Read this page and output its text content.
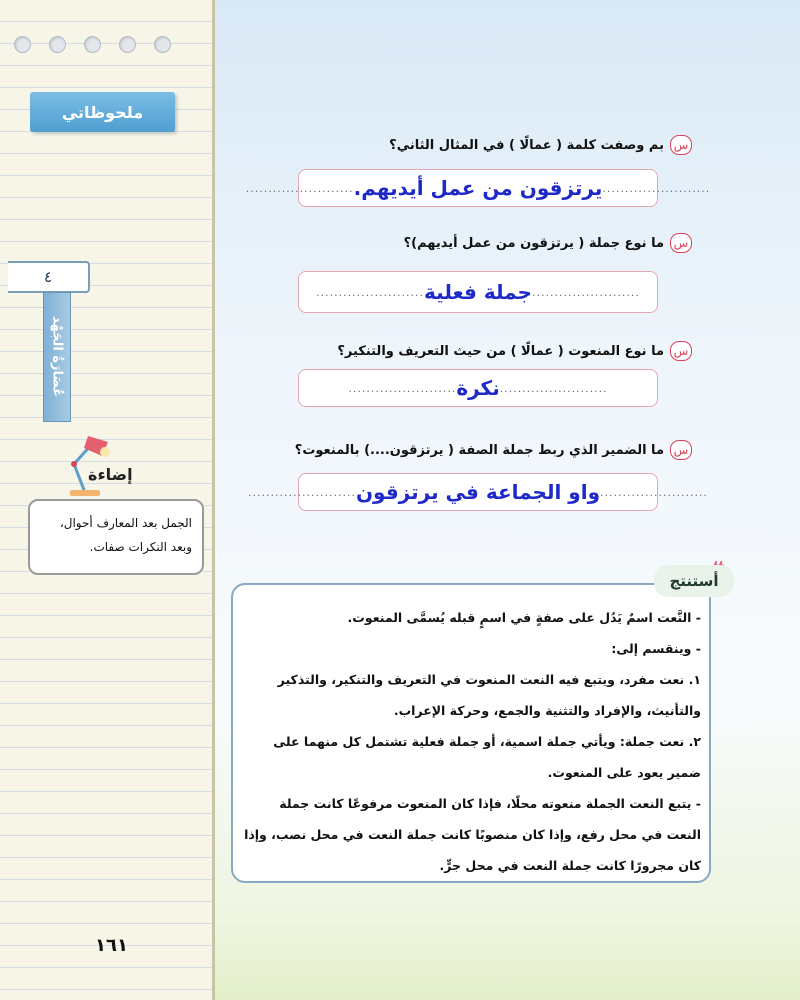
ملحوظاتي
٤
عُصَارَةُ الجَهْد
إضاءة
الجمل بعد المعارف أحوال، وبعد النكرات صفات.
١٦١
س
بم وصفت كلمة ( عمالًا ) في المثال الثاني؟
........................
يرتزقون من عمل أيديهم.
........................
س
ما نوع جملة ( يرتزقون من عمل أيديهم)؟
........................
جملة فعلية
........................
س
ما نوع المنعوت ( عمالًا ) من حيث التعريف والتنكير؟
........................
نكرة
........................
س
ما الضمير الذي ربط جملة الصفة ( يرتزقون....) بالمنعوت؟
........................
واو الجماعة في يرتزقون
........................
أستنتج

- النَّعت اسمٌ يَدُل على صفةٍ في اسمٍ قبله يُسمَّى المنعوت.

- وينقسم إلى:

١. نعت مفرد، ويتبع فيه النعت المنعوت في التعريف والتنكير، والتذكير والتأنيث، والإفراد والتثنية والجمع، وحركة الإعراب.

٢. نعت جملة: ويأتي جملة اسمية، أو جملة فعلية تشتمل كل منهما على ضمير يعود على المنعوت.

- يتبع النعت الجملة منعوته محلًا، فإذا كان المنعوت مرفوعًا كانت جملة النعت في محل رفع، وإذا كان منصوبًا كانت جملة النعت في محل نصب، وإذا كان مجرورًا كانت جملة النعت في محل جرٍّ.
